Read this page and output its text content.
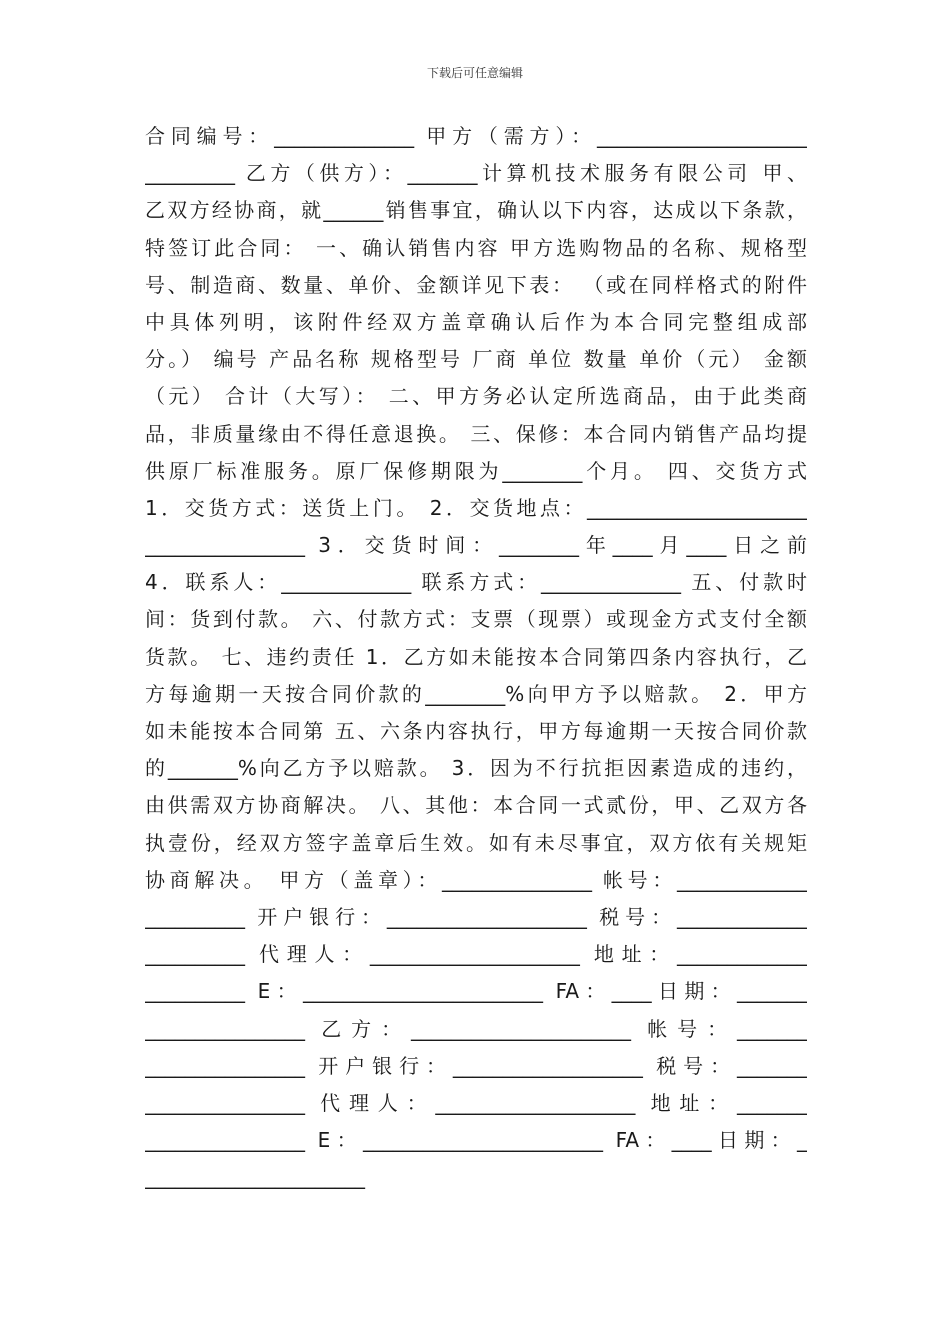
下载后可任意编辑
合同编号：______________ 甲方（需方）：_____________________
_________ 乙方（供方）：_______计算机技术服务有限公司 甲、
乙双方经协商，就______销售事宜，确认以下内容，达成以下条款，
特签订此合同： 一、确认销售内容 甲方选购物品的名称、规格型
号、制造商、数量、单价、金额详见下表： （或在同样格式的附件
中具体列明，该附件经双方盖章确认后作为本合同完整组成部
分。） 编号 产品名称 规格型号 厂商 单位 数量 单价（元） 金额
（元） 合计（大写）： 二、甲方务必认定所选商品，由于此类商
品，非质量缘由不得任意退换。 三、保修：本合同内销售产品均提
供原厂标准服务。原厂保修期限为________个月。 四、交货方式
1．交货方式：送货上门。 2．交货地点：______________________
________________ 3．交货时间：________年____月____日之前
4．联系人：_____________ 联系方式：______________ 五、付款时
间：货到付款。 六、付款方式：支票（现票）或现金方式支付全额
货款。 七、违约责任 1．乙方如未能按本合同第四条内容执行，乙
方每逾期一天按合同价款的________%向甲方予以赔款。 2．甲方
如未能按本合同第 五、六条内容执行，甲方每逾期一天按合同价款
的_______%向乙方予以赔款。 3．因为不行抗拒因素造成的违约，
由供需双方协商解决。 八、其他：本合同一式贰份，甲、乙双方各
执壹份，经双方签字盖章后生效。如有未尽事宜，双方依有关规矩
协商解决。 甲方（盖章）：_______________ 帐号：_____________
__________ 开户银行：____________________ 税号：_____________
__________ 代理人：_____________________ 地址：_____________
__________ E：________________________ FA：____日期：_______
________________ 乙方：______________________ 帐号：_______
________________ 开户银行：___________________ 税号：_______
________________ 代理人：____________________ 地址：_______
________________ E：________________________ FA：____日期：_
______________________
